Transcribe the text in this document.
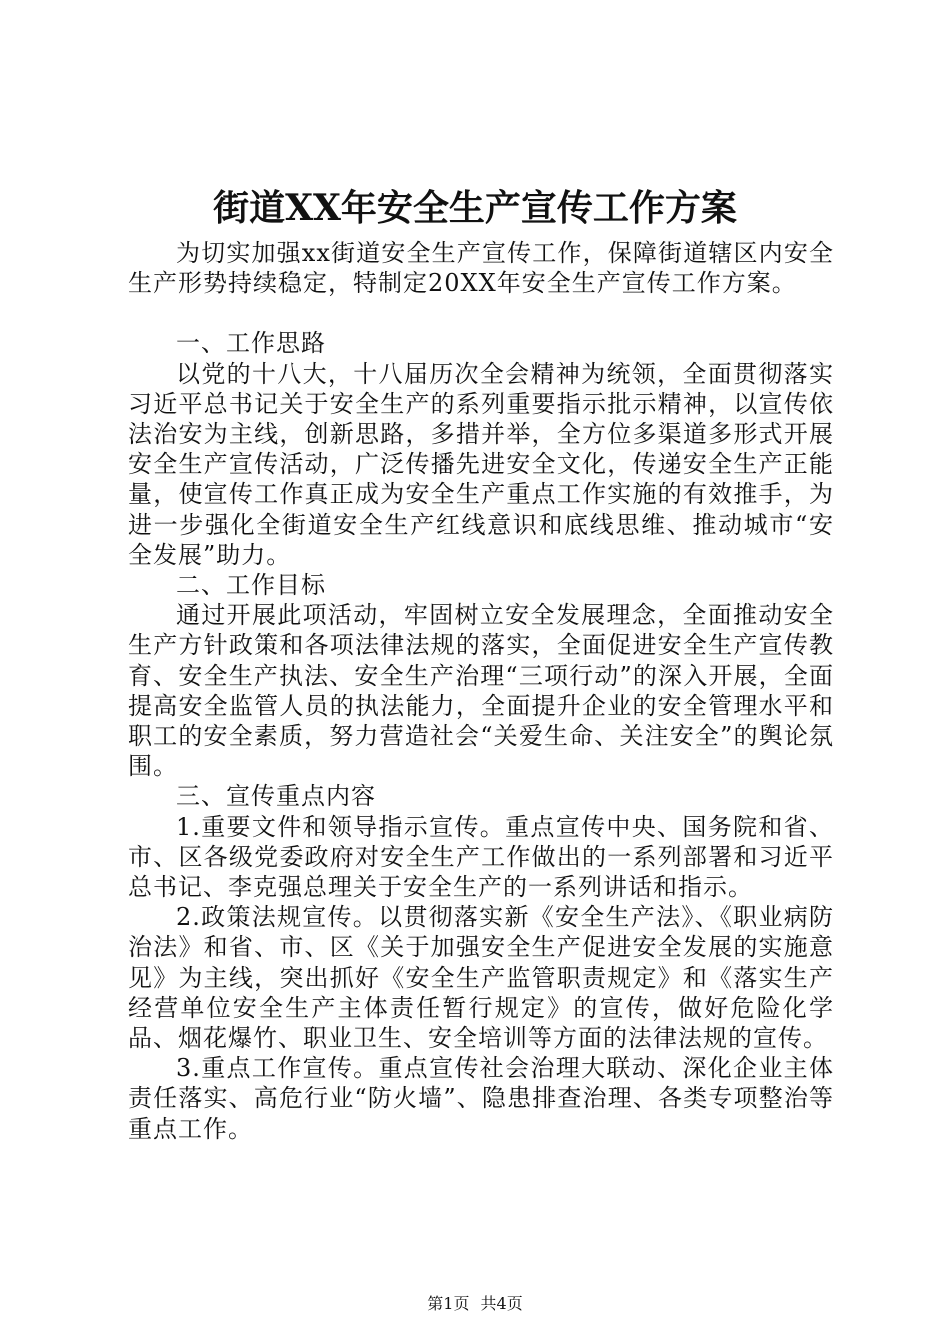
街道XX年安全生产宣传工作方案

为切实加强xx街道安全生产宣传工作，保障街道辖区内安全生产形势持续稳定，特制定20XX年安全生产宣传工作方案。

一、工作思路

以党的十八大，十八届历次全会精神为统领，全面贯彻落实习近平总书记关于安全生产的系列重要指示批示精神，以宣传依法治安为主线，创新思路，多措并举，全方位多渠道多形式开展安全生产宣传活动，广泛传播先进安全文化，传递安全生产正能量，使宣传工作真正成为安全生产重点工作实施的有效推手，为进一步强化全街道安全生产红线意识和底线思维、推动城市“安全发展”助力。

二、工作目标

通过开展此项活动，牢固树立安全发展理念，全面推动安全生产方针政策和各项法律法规的落实，全面促进安全生产宣传教育、安全生产执法、安全生产治理“三项行动”的深入开展，全面提高安全监管人员的执法能力，全面提升企业的安全管理水平和职工的安全素质，努力营造社会“关爱生命、关注安全”的舆论氛围。

三、宣传重点内容

1.重要文件和领导指示宣传。重点宣传中央、国务院和省、市、区各级党委政府对安全生产工作做出的一系列部署和习近平总书记、李克强总理关于安全生产的一系列讲话和指示。

2.政策法规宣传。以贯彻落实新《安全生产法》、《职业病防治法》和省、市、区《关于加强安全生产促进安全发展的实施意见》为主线，突出抓好《安全生产监管职责规定》和《落实生产经营单位安全生产主体责任暂行规定》的宣传，做好危险化学品、烟花爆竹、职业卫生、安全培训等方面的法律法规的宣传。

3.重点工作宣传。重点宣传社会治理大联动、深化企业主体责任落实、高危行业“防火墙”、隐患排查治理、各类专项整治等重点工作。

第1页 共4页
